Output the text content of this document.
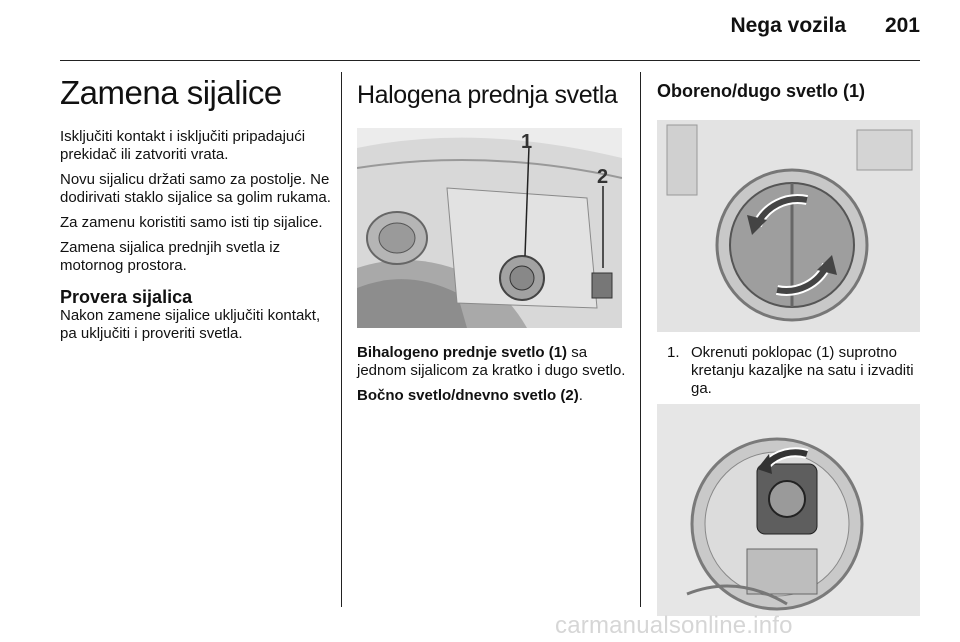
Nega vozila	201
Zamena sijalice

Isključiti kontakt i isključiti pripadajući prekidač ili zatvoriti vrata.

Novu sijalicu držati samo za postolje. Ne dodirivati staklo sijalice sa golim rukama.

Za zamenu koristiti samo isti tip sijalice.

Zamena sijalica prednjih svetla iz motornog prostora.

Provera sijalica

Nakon zamene sijalice uključiti kontakt, pa uključiti i proveriti svetla.

Halogena prednja svetla
1
2

Bihalogeno prednje svetlo (1) sa jednom sijalicom za kratko i dugo svetlo.

Bočno svetlo/dnevno svetlo (2).

Oboreno/dugo svetlo (1)
1. Okrenuti poklopac (1) suprotno kretanju kazaljke na satu i izvaditi ga.
carmanualsonline.info
